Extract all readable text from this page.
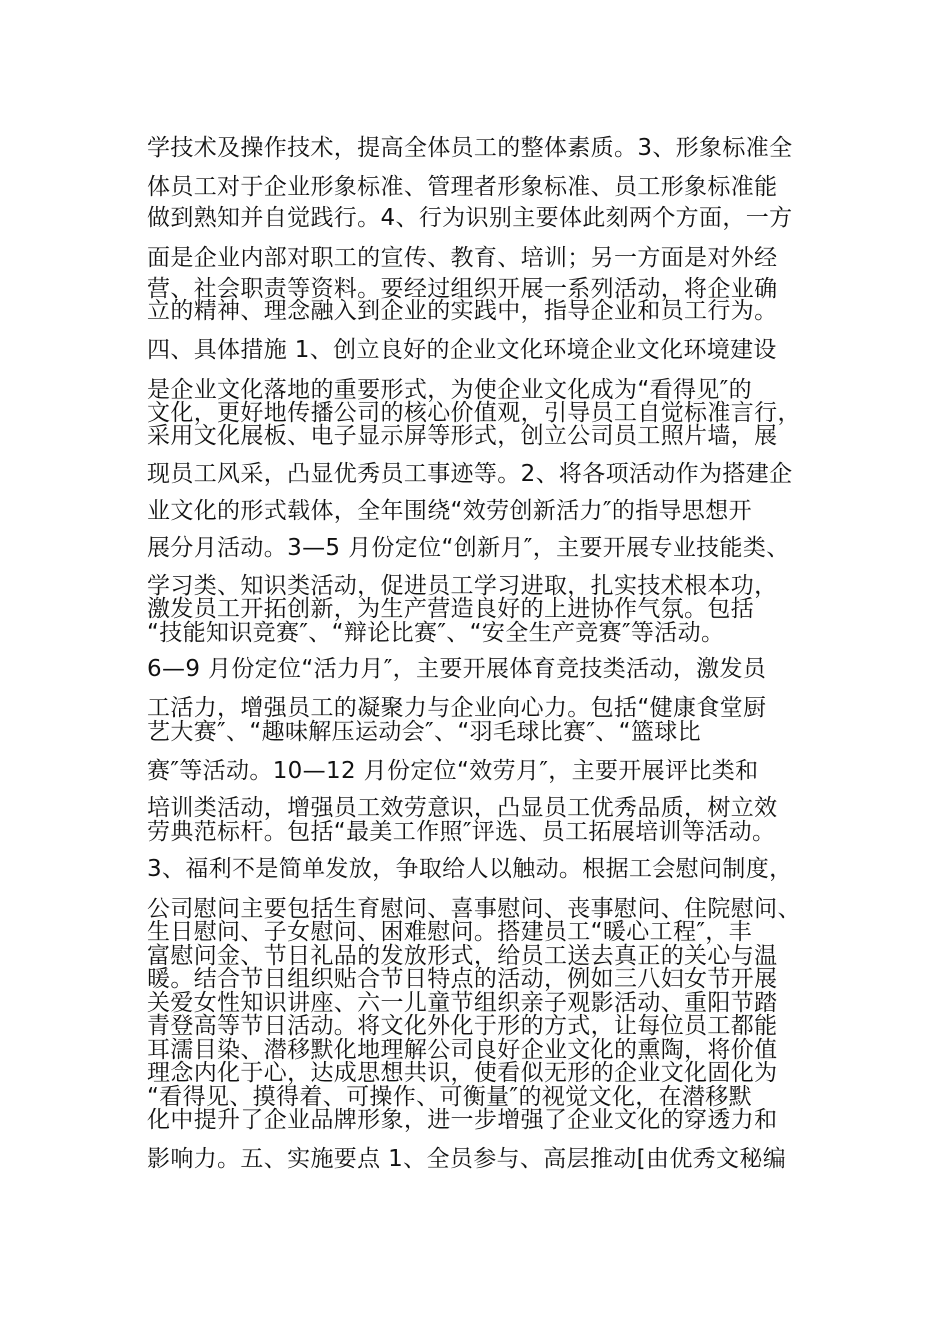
学技术及操作技术，提高全体员工的整体素质。3、形象标准全
体员工对于企业形象标准、管理者形象标准、员工形象标准能
做到熟知并自觉践行。4、行为识别主要体此刻两个方面，一方
面是企业内部对职工的宣传、教育、培训；另一方面是对外经
营、社会职责等资料。要经过组织开展一系列活动，将企业确
立的精神、理念融入到企业的实践中，指导企业和员工行为。
四、具体措施 1、创立良好的企业文化环境企业文化环境建设
是企业文化落地的重要形式，为使企业文化成为“看得见″的
文化，更好地传播公司的核心价值观，引导员工自觉标准言行，
采用文化展板、电子显示屏等形式，创立公司员工照片墙，展
现员工风采，凸显优秀员工事迹等。2、将各项活动作为搭建企
业文化的形式载体，全年围绕“效劳创新活力″的指导思想开
展分月活动。3—5 月份定位“创新月″，主要开展专业技能类、
学习类、知识类活动，促进员工学习进取，扎实技术根本功，
激发员工开拓创新，为生产营造良好的上进协作气氛。包括
“技能知识竞赛″、“辩论比赛″、“安全生产竞赛″等活动。
6—9 月份定位“活力月″，主要开展体育竞技类活动，激发员
工活力，增强员工的凝聚力与企业向心力。包括“健康食堂厨
艺大赛″、“趣味解压运动会″、“羽毛球比赛″、“篮球比
赛″等活动。10—12 月份定位“效劳月″，主要开展评比类和
培训类活动，增强员工效劳意识，凸显员工优秀品质，树立效
劳典范标杆。包括“最美工作照″评选、员工拓展培训等活动。
3、福利不是简单发放，争取给人以触动。根据工会慰问制度，
公司慰问主要包括生育慰问、喜事慰问、丧事慰问、住院慰问、
生日慰问、子女慰问、困难慰问。搭建员工“暖心工程″，丰
富慰问金、节日礼品的发放形式，给员工送去真正的关心与温
暖。结合节日组织贴合节日特点的活动，例如三八妇女节开展
关爱女性知识讲座、六一儿童节组织亲子观影活动、重阳节踏
青登高等节日活动。将文化外化于形的方式，让每位员工都能
耳濡目染、潜移默化地理解公司良好企业文化的熏陶，将价值
理念内化于心，达成思想共识，使看似无形的企业文化固化为
“看得见、摸得着、可操作、可衡量″的视觉文化，在潜移默
化中提升了企业品牌形象，进一步增强了企业文化的穿透力和
影响力。五、实施要点 1、全员参与、高层推动[由优秀文秘编
